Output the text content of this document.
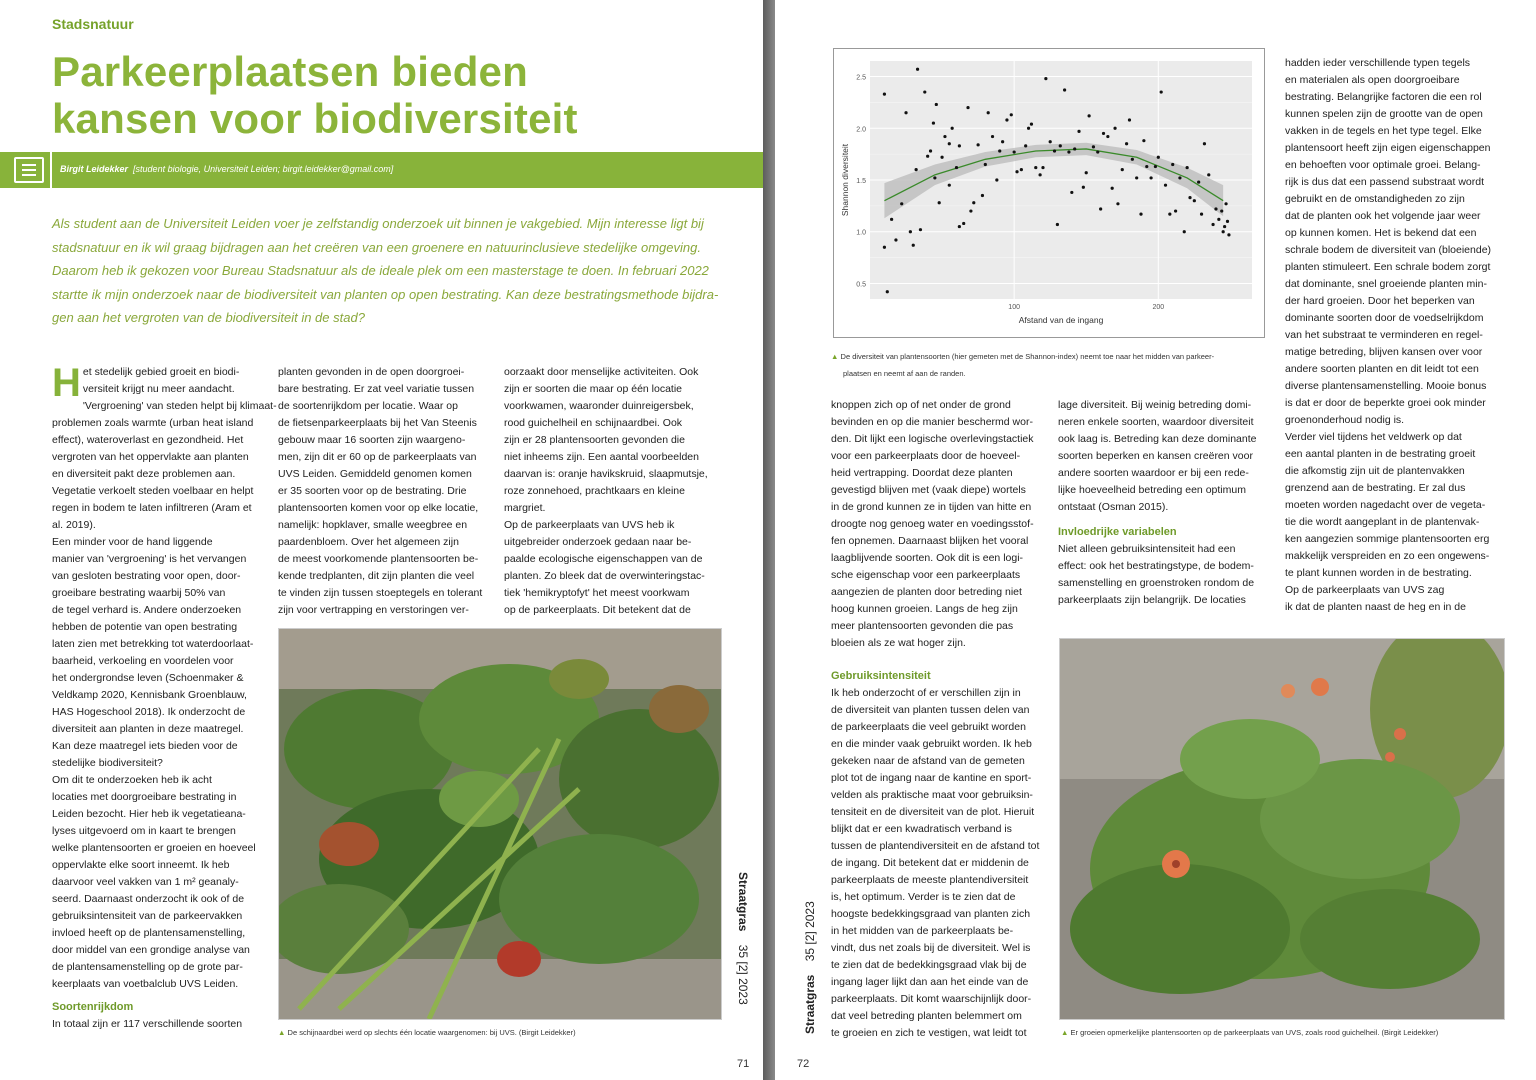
Stadsnatuur
Parkeerplaatsen bieden
kansen voor biodiversiteit
Birgit Leidekker [student biologie, Universiteit Leiden; birgit.leidekker@gmail.com]
Als student aan de Universiteit Leiden voer je zelfstandig onderzoek uit binnen je vakgebied. Mijn interesse ligt bij
stadsnatuur en ik wil graag bijdragen aan het creëren van een groenere en natuurinclusieve stedelijke omgeving.
Daarom heb ik gekozen voor Bureau Stadsnatuur als de ideale plek om een masterstage te doen. In februari 2022
startte ik mijn onderzoek naar de biodiversiteit van planten op open bestrating. Kan deze bestratingsmethode bijdra-
gen aan het vergroten van de biodiversiteit in de stad?
H et stedelijk gebied groeit en biodi-
versiteit krijgt nu meer aandacht.
'Vergroening' van steden helpt bij klimaat-
problemen zoals warmte (urban heat island
effect), wateroverlast en gezondheid. Het
vergroten van het oppervlakte aan planten
en diversiteit pakt deze problemen aan.
Vegetatie verkoelt steden voelbaar en helpt
regen in bodem te laten infiltreren (Aram et
al. 2019).
Een minder voor de hand liggende
manier van 'vergroening' is het vervangen
van gesloten bestrating voor open, door-
groeibare bestrating waarbij 50% van
de tegel verhard is. Andere onderzoeken
hebben de potentie van open bestrating
laten zien met betrekking tot waterdoorlaat-
baarheid, verkoeling en voordelen voor
het ondergrondse leven (Schoenmaker &
Veldkamp 2020, Kennisbank Groenblauw,
HAS Hogeschool 2018). Ik onderzocht de
diversiteit aan planten in deze maatregel.
Kan deze maatregel iets bieden voor de
stedelijke biodiversiteit?
Om dit te onderzoeken heb ik acht
locaties met doorgroeibare bestrating in
Leiden bezocht. Hier heb ik vegetatieana-
lyses uitgevoerd om in kaart te brengen
welke plantensoorten er groeien en hoeveel
oppervlakte elke soort inneemt. Ik heb
daarvoor veel vakken van 1 m² geanaly-
seerd. Daarnaast onderzocht ik ook of de
gebruiksintensiteit van de parkeervakken
invloed heeft op de plantensamenstelling,
door middel van een grondige analyse van
de plantensamenstelling op de grote par-
keerplaats van voetbalclub UVS Leiden.
Soortenrijkdom
In totaal zijn er 117 verschillende soorten
planten gevonden in de open doorgroei-
bare bestrating. Er zat veel variatie tussen
de soortenrijkdom per locatie. Waar op
de fietsenparkeerplaats bij het Van Steenis
gebouw maar 16 soorten zijn waargeno-
men, zijn dit er 60 op de parkeerplaats van
UVS Leiden. Gemiddeld genomen komen
er 35 soorten voor op de bestrating. Drie
plantensoorten komen voor op elke locatie,
namelijk: hopklaver, smalle weegbree en
paardenbloem. Over het algemeen zijn
de meest voorkomende plantensoorten be-
kende tredplanten, dit zijn planten die veel
te vinden zijn tussen stoeptegels en tolerant
zijn voor vertrapping en verstoringen ver-
oorzaakt door menselijke activiteiten. Ook
zijn er soorten die maar op één locatie
voorkwamen, waaronder duinreigersbek,
rood guichelheil en schijnaardbei. Ook
zijn er 28 plantensoorten gevonden die
niet inheems zijn. Een aantal voorbeelden
daarvan is: oranje havikskruid, slaapmutsje,
roze zonnehoed, prachtkaars en kleine
margriet.
Op de parkeerplaats van UVS heb ik
uitgebreider onderzoek gedaan naar be-
paalde ecologische eigenschappen van de
planten. Zo bleek dat de overwinteringstac-
tiek 'hemikryptofyt' het meest voorkwam
op de parkeerplaats. Dit betekent dat de
▲ De schijnaardbei werd op slechts één locatie waargenomen: bij UVS. (Birgit Leidekker)
Straatgras    35 [2] 2023
71
0.5
1.0
1.5
2.0
2.5
100	200
Afstand van de ingang
Shannon diversiteit
▲ De diversiteit van plantensoorten (hier gemeten met de Shannon-index) neemt toe naar het midden van parkeer-
plaatsen en neemt af aan de randen.
knoppen zich op of net onder de grond
bevinden en op die manier beschermd wor-
den. Dit lijkt een logische overlevingstactiek
voor een parkeerplaats door de hoeveel-
heid vertrapping. Doordat deze planten
gevestigd blijven met (vaak diepe) wortels
in de grond kunnen ze in tijden van hitte en
droogte nog genoeg water en voedingsstof-
fen opnemen. Daarnaast blijken het vooral
laagblijvende soorten. Ook dit is een logi-
sche eigenschap voor een parkeerplaats
aangezien de planten door betreding niet
hoog kunnen groeien. Langs de heg zijn
meer plantensoorten gevonden die pas
bloeien als ze wat hoger zijn.
Gebruiksintensiteit
Ik heb onderzocht of er verschillen zijn in
de diversiteit van planten tussen delen van
de parkeerplaats die veel gebruikt worden
en die minder vaak gebruikt worden. Ik heb
gekeken naar de afstand van de gemeten
plot tot de ingang naar de kantine en sport-
velden als praktische maat voor gebruiksin-
tensiteit en de diversiteit van de plot. Hieruit
blijkt dat er een kwadratisch verband is
tussen de plantendiversiteit en de afstand tot
de ingang. Dit betekent dat er middenin de
parkeerplaats de meeste plantendiversiteit
is, het optimum. Verder is te zien dat de
hoogste bedekkingsgraad van planten zich
in het midden van de parkeerplaats be-
vindt, dus net zoals bij de diversiteit. Wel is
te zien dat de bedekkingsgraad vlak bij de
ingang lager lijkt dan aan het einde van de
parkeerplaats. Dit komt waarschijnlijk door-
dat veel betreding planten belemmert om
te groeien en zich te vestigen, wat leidt tot
lage diversiteit. Bij weinig betreding domi-
neren enkele soorten, waardoor diversiteit
ook laag is. Betreding kan deze dominante
soorten beperken en kansen creëren voor
andere soorten waardoor er bij een rede-
lijke hoeveelheid betreding een optimum
ontstaat (Osman 2015).
Invloedrijke variabelen
Niet alleen gebruiksintensiteit had een
effect: ook het bestratingstype, de bodem-
samenstelling en groenstroken rondom de
parkeerplaats zijn belangrijk. De locaties
hadden ieder verschillende typen tegels
en materialen als open doorgroeibare
bestrating. Belangrijke factoren die een rol
kunnen spelen zijn de grootte van de open
vakken in de tegels en het type tegel. Elke
plantensoort heeft zijn eigen eigenschappen
en behoeften voor optimale groei. Belang-
rijk is dus dat een passend substraat wordt
gebruikt en de omstandigheden zo zijn
dat de planten ook het volgende jaar weer
op kunnen komen. Het is bekend dat een
schrale bodem de diversiteit van (bloeiende)
planten stimuleert. Een schrale bodem zorgt
dat dominante, snel groeiende planten min-
der hard groeien. Door het beperken van
dominante soorten door de voedselrijkdom
van het substraat te verminderen en regel-
matige betreding, blijven kansen over voor
andere soorten planten en dit leidt tot een
diverse plantensamenstelling. Mooie bonus
is dat er door de beperkte groei ook minder
groenonderhoud nodig is.
Verder viel tijdens het veldwerk op dat
een aantal planten in de bestrating groeit
die afkomstig zijn uit de plantenvakken
grenzend aan de bestrating. Er zal dus
moeten worden nagedacht over de vegeta-
tie die wordt aangeplant in de plantenvak-
ken aangezien sommige plantensoorten erg
makkelijk verspreiden en zo een ongewens-
te plant kunnen worden in de bestrating.
Op de parkeerplaats van UVS zag
ik dat de planten naast de heg en in de
▲ Er groeien opmerkelijke plantensoorten op de parkeerplaats van UVS, zoals rood guichelheil. (Birgit Leidekker)
Straatgras    35 [2] 2023
72
